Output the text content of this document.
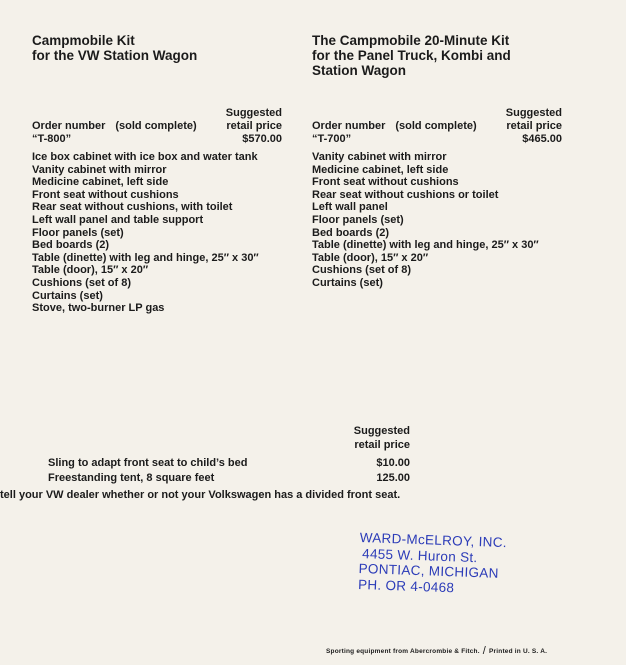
Campmobile Kit
for the VW Station Wagon
Suggested
Order number (sold complete)	retail price
“T-800”	$570.00
Ice box cabinet with ice box and water tank
Vanity cabinet with mirror
Medicine cabinet, left side
Front seat without cushions
Rear seat without cushions, with toilet
Left wall panel and table support
Floor panels (set)
Bed boards (2)
Table (dinette) with leg and hinge, 25″ x 30″
Table (door), 15″ x 20″
Cushions (set of 8)
Curtains (set)
Stove, two-burner LP gas
The Campmobile 20-Minute Kit
for the Panel Truck, Kombi and
Station Wagon
Suggested
Order number (sold complete)	retail price
“T-700”	$465.00
Vanity cabinet with mirror
Medicine cabinet, left side
Front seat without cushions
Rear seat without cushions or toilet
Left wall panel
Floor panels (set)
Bed boards (2)
Table (dinette) with leg and hinge, 25″ x 30″
Table (door), 15″ x 20″
Cushions (set of 8)
Curtains (set)
Suggested
retail price
Sling to adapt front seat to child’s bed	$10.00
Freestanding tent, 8 square feet	125.00
tell your VW dealer whether or not your Volkswagen has a divided front seat.
WARD-McELROY, INC.
4455 W. Huron St.
PONTIAC, MICHIGAN
PH. OR 4-0468
Sporting equipment from Abercrombie & Fitch. / Printed in U. S. A.
